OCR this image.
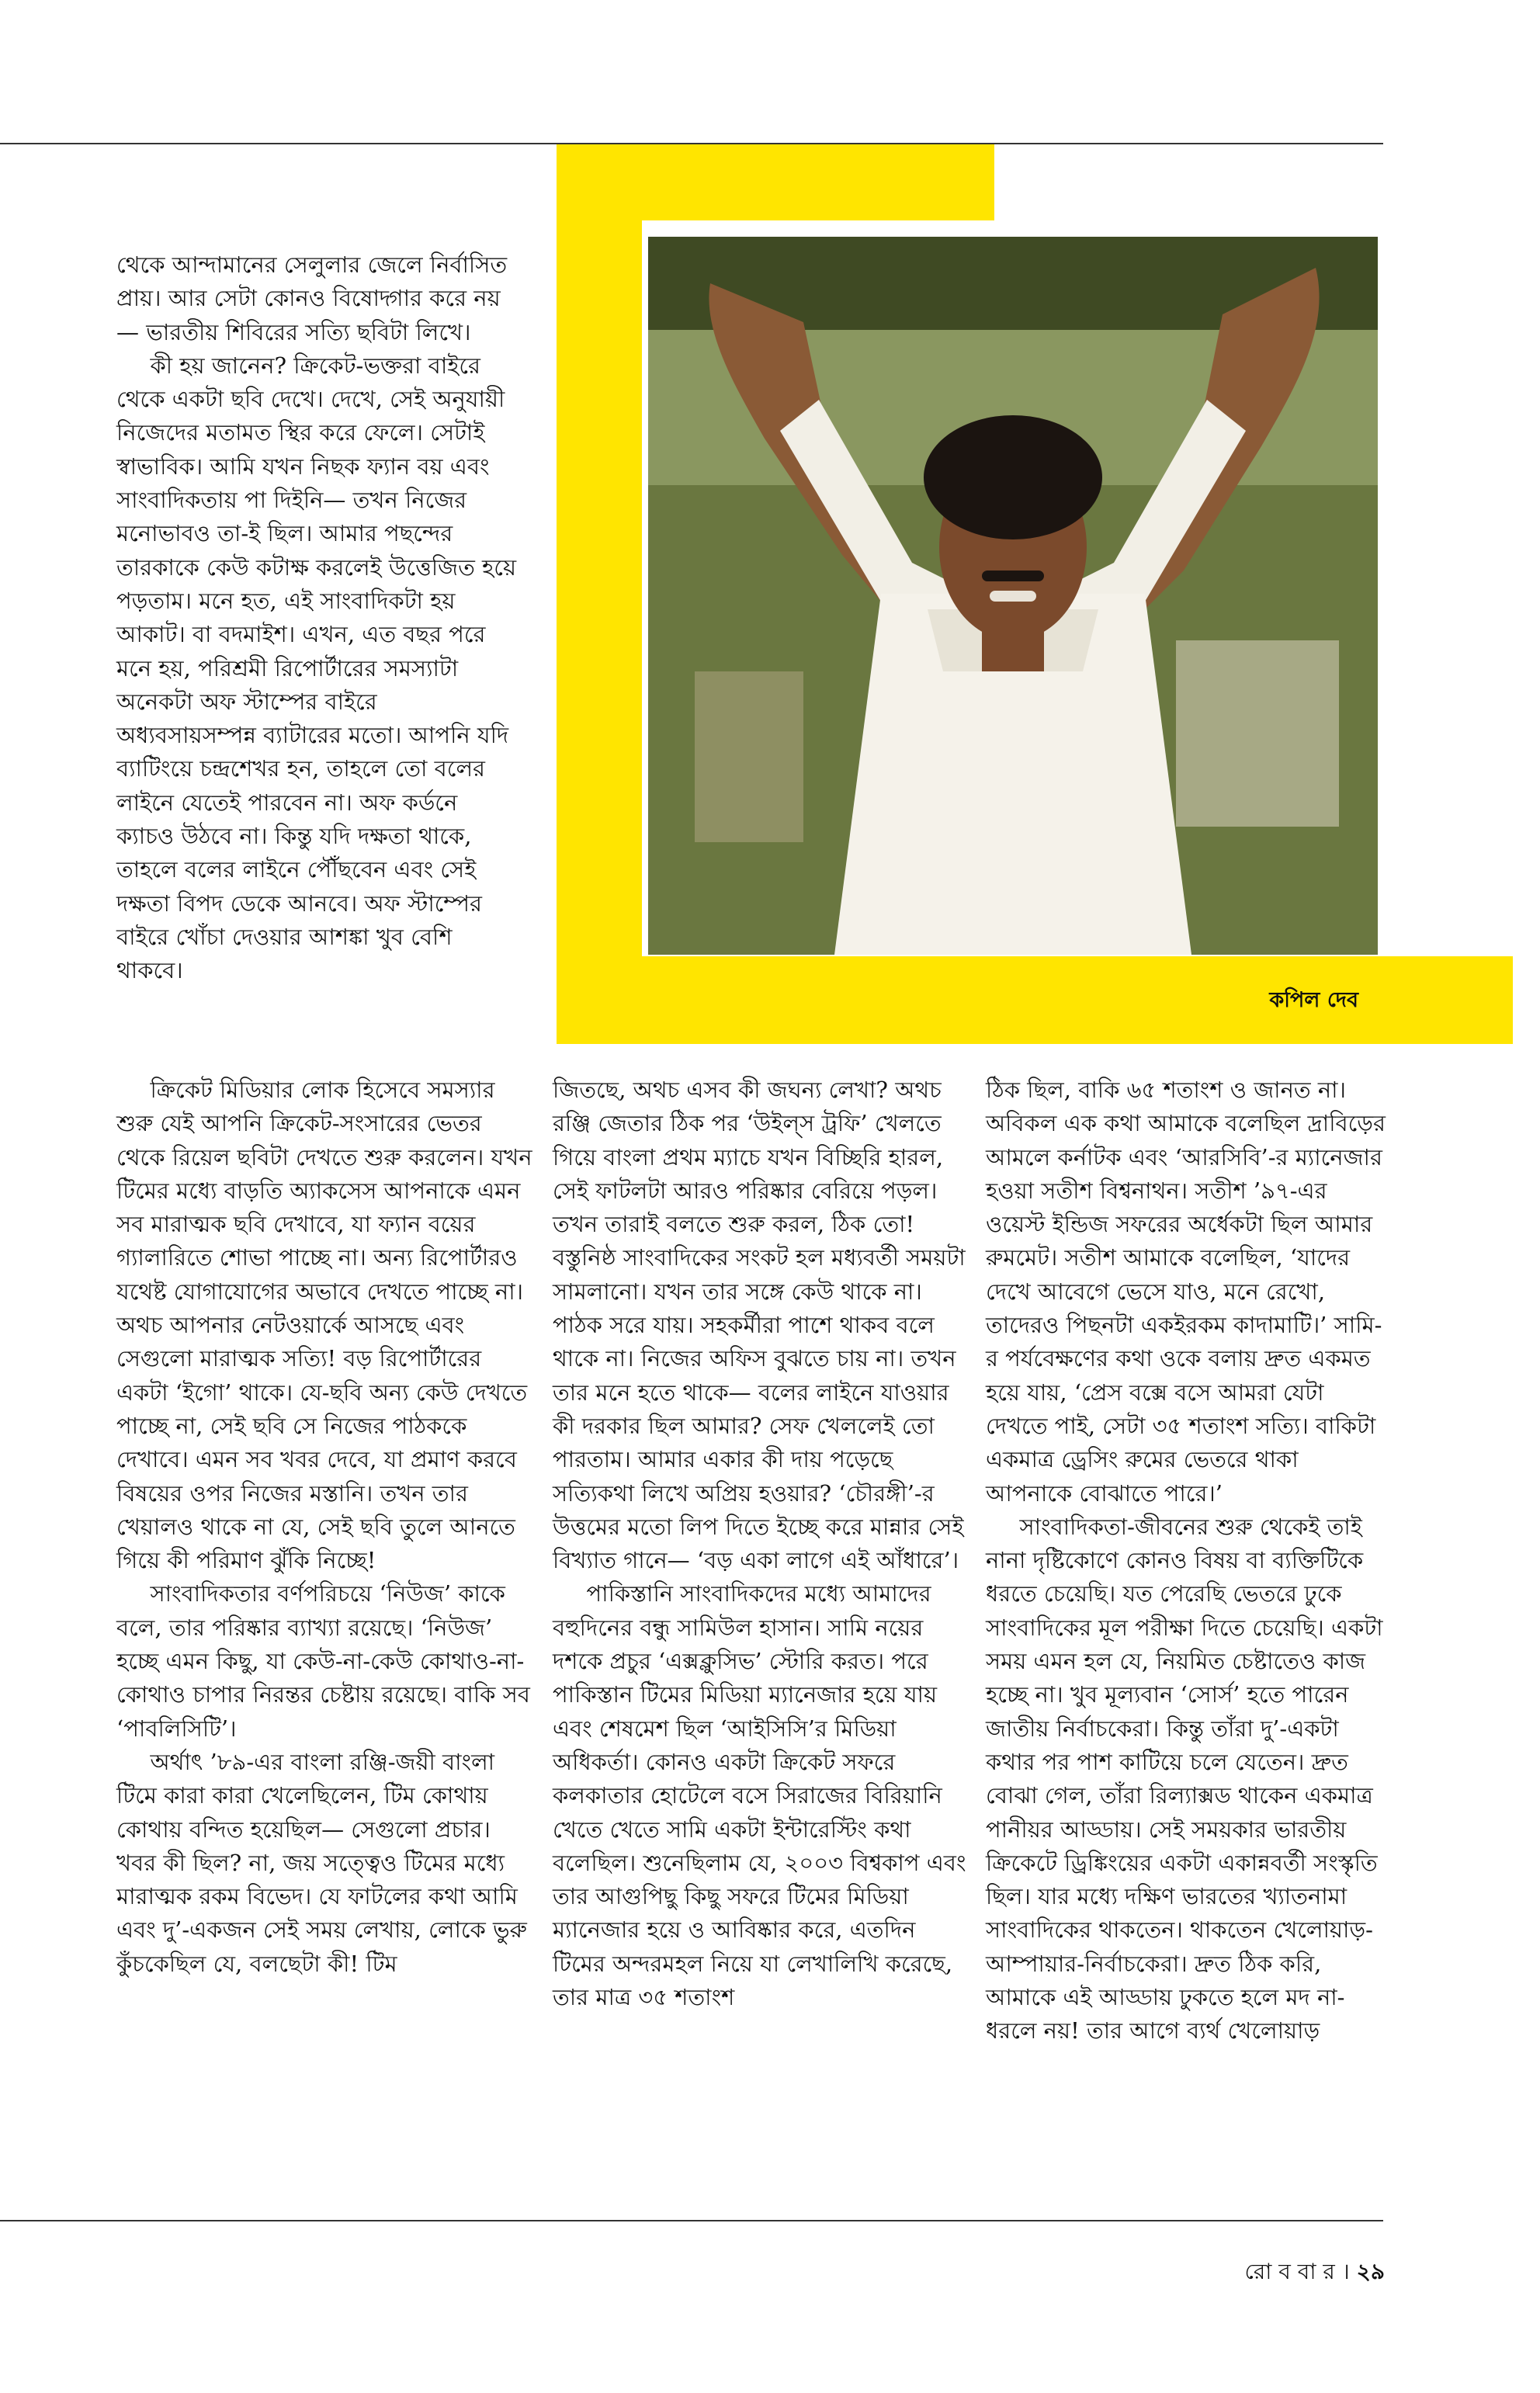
কপিল দেব

থেকে আন্দামানের সেলুলার জেলে নির্বাসিত প্রায়। আর সেটা কোনও বিষোদ্গার করে নয়— ভারতীয় শিবিরের সত্যি ছবিটা লিখে।

কী হয় জানেন? ক্রিকেট-ভক্তরা বাইরে থেকে একটা ছবি দেখে। দেখে, সেই অনুযায়ী নিজেদের মতামত স্থির করে ফেলে। সেটাই স্বাভাবিক। আমি যখন নিছক ফ্যান বয় এবং সাংবাদিকতায় পা দিইনি— তখন নিজের মনোভাবও তা-ই ছিল। আমার পছন্দের তারকাকে কেউ কটাক্ষ করলেই উত্তেজিত হয়ে পড়তাম। মনে হত, এই সাংবাদিকটা হয় আকাট। বা বদমাইশ। এখন, এত বছর পরে মনে হয়, পরিশ্রমী রিপোর্টারের সমস্যাটা অনেকটা অফ স্টাম্পের বাইরে অধ্যবসায়সম্পন্ন ব্যাটারের মতো। আপনি যদি ব্যাটিংয়ে চন্দ্রশেখর হন, তাহলে তো বলের লাইনে যেতেই পারবেন না। অফ কর্ডনে ক্যাচও উঠবে না। কিন্তু যদি দক্ষতা থাকে, তাহলে বলের লাইনে পৌঁছবেন এবং সেই দক্ষতা বিপদ ডেকে আনবে। অফ স্টাম্পের বাইরে খোঁচা দেওয়ার আশঙ্কা খুব বেশি থাকবে।

ক্রিকেট মিডিয়ার লোক হিসেবে সমস্যার শুরু যেই আপনি ক্রিকেট-সংসারের ভেতর থেকে রিয়েল ছবিটা দেখতে শুরু করলেন। যখন টিমের মধ্যে বাড়তি অ্যাকসেস আপনাকে এমন সব মারাত্মক ছবি দেখাবে, যা ফ্যান বয়ের গ্যালারিতে শোভা পাচ্ছে না। অন্য রিপোর্টারও যথেষ্ট যোগাযোগের অভাবে দেখতে পাচ্ছে না। অথচ আপনার নেটওয়ার্কে আসছে এবং সেগুলো মারাত্মক সত্যি! বড় রিপোর্টারের একটা ‘ইগো’ থাকে। যে-ছবি অন্য কেউ দেখতে পাচ্ছে না, সেই ছবি সে নিজের পাঠককে দেখাবে। এমন সব খবর দেবে, যা প্রমাণ করবে বিষয়ের ওপর নিজের মস্তানি। তখন তার খেয়ালও থাকে না যে, সেই ছবি তুলে আনতে গিয়ে কী পরিমাণ ঝুঁকি নিচ্ছে!

সাংবাদিকতার বর্ণপরিচয়ে ‘নিউজ’ কাকে বলে, তার পরিষ্কার ব্যাখ্যা রয়েছে। ‘নিউজ’ হচ্ছে এমন কিছু, যা কেউ-না-কেউ কোথাও-না-কোথাও চাপার নিরন্তর চেষ্টায় রয়েছে। বাকি সব ‘পাবলিসিটি’।

অর্থাৎ ’৮৯-এর বাংলা রঞ্জি-জয়ী বাংলা টিমে কারা কারা খেলেছিলেন, টিম কোথায় কোথায় বন্দিত হয়েছিল— সেগুলো প্রচার। খবর কী ছিল? না, জয় সত্ত্বেও টিমের মধ্যে মারাত্মক রকম বিভেদ। যে ফাটলের কথা আমি এবং দু’-একজন সেই সময় লেখায়, লোকে ভুরু কুঁচকেছিল যে, বলছেটা কী! টিম

জিতছে, অথচ এসব কী জঘন্য লেখা? অথচ রঞ্জি জেতার ঠিক পর ‘উইল্‌স ট্রফি’ খেলতে গিয়ে বাংলা প্রথম ম্যাচে যখন বিচ্ছিরি হারল, সেই ফাটলটা আরও পরিষ্কার বেরিয়ে পড়ল। তখন তারাই বলতে শুরু করল, ঠিক তো! বস্তুনিষ্ঠ সাংবাদিকের সংকট হল মধ্যবর্তী সময়টা সামলানো। যখন তার সঙ্গে কেউ থাকে না। পাঠক সরে যায়। সহকর্মীরা পাশে থাকব বলে থাকে না। নিজের অফিস বুঝতে চায় না। তখন তার মনে হতে থাকে— বলের লাইনে যাওয়ার কী দরকার ছিল আমার? সেফ খেললেই তো পারতাম। আমার একার কী দায় পড়েছে সত্যিকথা লিখে অপ্রিয় হওয়ার? ‘চৌরঙ্গী’-র উত্তমের মতো লিপ দিতে ইচ্ছে করে মান্নার সেই বিখ্যাত গানে— ‘বড় একা লাগে এই আঁধারে’।

পাকিস্তানি সাংবাদিকদের মধ্যে আমাদের বহুদিনের বন্ধু সামিউল হাসান। সামি নয়ের দশকে প্রচুর ‘এক্সক্লুসিভ’ স্টোরি করত। পরে পাকিস্তান টিমের মিডিয়া ম্যানেজার হয়ে যায় এবং শেষমেশ ছিল ‘আইসিসি’র মিডিয়া অধিকর্তা। কোনও একটা ক্রিকেট সফরে কলকাতার হোটেলে বসে সিরাজের বিরিয়ানি খেতে খেতে সামি একটা ইন্টারেস্টিং কথা বলেছিল। শুনেছিলাম যে, ২০০৩ বিশ্বকাপ এবং তার আগুপিছু কিছু সফরে টিমের মিডিয়া ম্যানেজার হয়ে ও আবিষ্কার করে, এতদিন টিমের অন্দরমহল নিয়ে যা লেখালিখি করেছে, তার মাত্র ৩৫ শতাংশ

ঠিক ছিল, বাকি ৬৫ শতাংশ ও জানত না। অবিকল এক কথা আমাকে বলেছিল দ্রাবিড়ের আমলে কর্নাটক এবং ‘আরসিবি’-র ম্যানেজার হওয়া সতীশ বিশ্বনাথন। সতীশ ’৯৭-এর ওয়েস্ট ইন্ডিজ সফরের অর্ধেকটা ছিল আমার রুমমেট। সতীশ আমাকে বলেছিল, ‘যাদের দেখে আবেগে ভেসে যাও, মনে রেখো, তাদেরও পিছনটা একইরকম কাদামাটি।’ সামি-র পর্যবেক্ষণের কথা ওকে বলায় দ্রুত একমত হয়ে যায়, ‘প্রেস বক্সে বসে আমরা যেটা দেখতে পাই, সেটা ৩৫ শতাংশ সত্যি। বাকিটা একমাত্র ড্রেসিং রুমের ভেতরে থাকা আপনাকে বোঝাতে পারে।’

সাংবাদিকতা-জীবনের শুরু থেকেই তাই নানা দৃষ্টিকোণে কোনও বিষয় বা ব্যক্তিটিকে ধরতে চেয়েছি। যত পেরেছি ভেতরে ঢুকে সাংবাদিকের মূল পরীক্ষা দিতে চেয়েছি। একটা সময় এমন হল যে, নিয়মিত চেষ্টাতেও কাজ হচ্ছে না। খুব মূল্যবান ‘সোর্স’ হতে পারেন জাতীয় নির্বাচকেরা। কিন্তু তাঁরা দু’-একটা কথার পর পাশ কাটিয়ে চলে যেতেন। দ্রুত বোঝা গেল, তাঁরা রিল্যাক্সড থাকেন একমাত্র পানীয়র আড্ডায়। সেই সময়কার ভারতীয় ক্রিকেটে ড্রিঙ্কিংয়ের একটা একান্নবর্তী সংস্কৃতি ছিল। যার মধ্যে দক্ষিণ ভারতের খ্যাতনামা সাংবাদিকের থাকতেন। থাকতেন খেলোয়াড়-আম্পায়ার-নির্বাচকেরা। দ্রুত ঠিক করি, আমাকে এই আড্ডায় ঢুকতে হলে মদ না-ধরলে নয়! তার আগে ব্যর্থ খেলোয়াড়

রো ব বা র । ২৯
